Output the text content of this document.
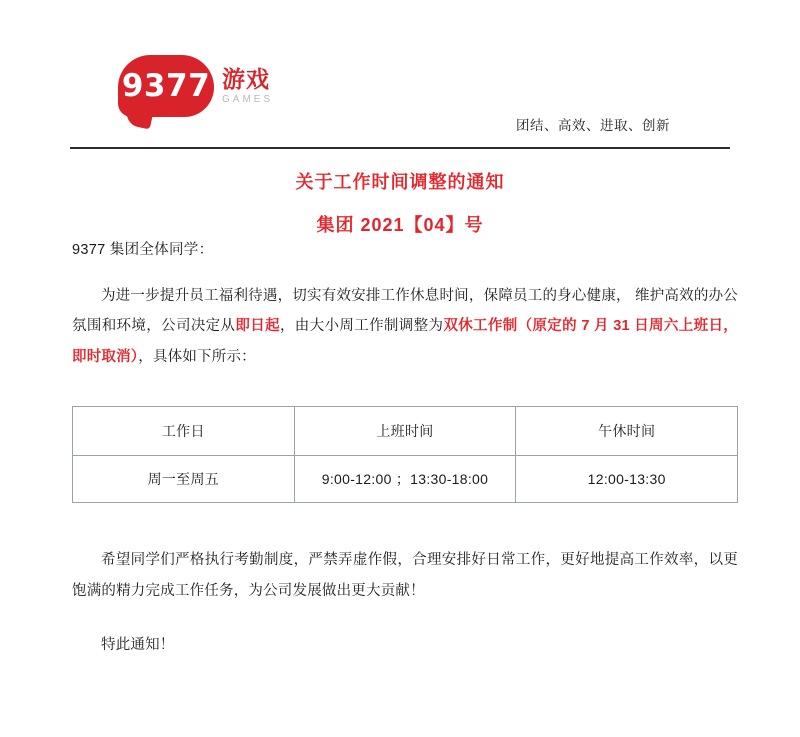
9377 游戏
GAMES
团结、高效、进取、创新
关于工作时间调整的通知
集团 2021【04】号
9377 集团全体同学：
为进一步提升员工福利待遇，切实有效安排工作休息时间，保障员工的身心健康， 维护高效的办公氛围和环境，公司决定从即日起，由大小周工作制调整为双休工作制（原定的 7 月 31 日周六上班日，即时取消），具体如下所示：
工作日	上班时间	午休时间
周一至周五	9:00-12:00 ；13:30-18:00	12:00-13:30
希望同学们严格执行考勤制度，严禁弄虚作假，合理安排好日常工作，更好地提高工作效率，以更饱满的精力完成工作任务，为公司发展做出更大贡献！
特此通知！
